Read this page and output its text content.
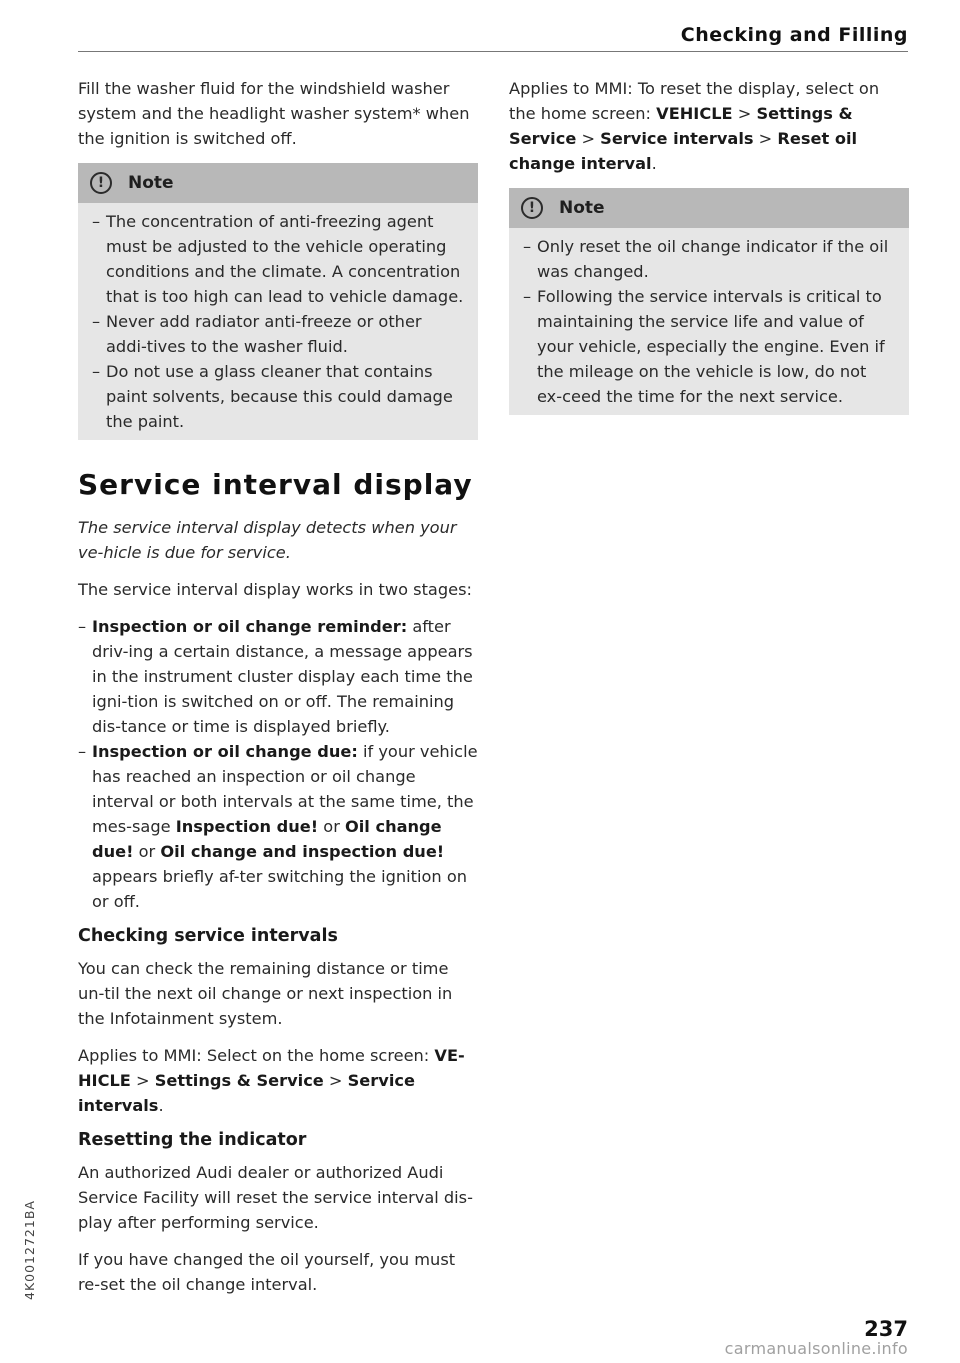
Checking and Filling

Fill the washer fluid for the windshield washer system and the headlight washer system* when the ignition is switched off.

!	Note
– The concentration of anti-freezing agent must be adjusted to the vehicle operating conditions and the climate. A concentration that is too high can lead to vehicle damage.
– Never add radiator anti-freeze or other addi-tives to the washer fluid.
– Do not use a glass cleaner that contains paint solvents, because this could damage the paint.
Service interval display

The service interval display detects when your ve-hicle is due for service.

The service interval display works in two stages:

– Inspection or oil change reminder: after driv-ing a certain distance, a message appears in the instrument cluster display each time the igni-tion is switched on or off. The remaining dis-tance or time is displayed briefly.
– Inspection or oil change due: if your vehicle has reached an inspection or oil change interval or both intervals at the same time, the mes-sage Inspection due! or Oil change due! or Oil change and inspection due! appears briefly af-ter switching the ignition on or off.
Checking service intervals

You can check the remaining distance or time un-til the next oil change or next inspection in the Infotainment system.

Applies to MMI: Select on the home screen: VE-HICLE > Settings & Service > Service intervals.

Resetting the indicator

An authorized Audi dealer or authorized Audi Service Facility will reset the service interval dis-play after performing service.

If you have changed the oil yourself, you must re-set the oil change interval.

Applies to MMI: To reset the display, select on the home screen: VEHICLE > Settings & Service > Service intervals > Reset oil change interval.

!	Note
– Only reset the oil change indicator if the oil was changed.
– Following the service intervals is critical to maintaining the service life and value of your vehicle, especially the engine. Even if the mileage on the vehicle is low, do not ex-ceed the time for the next service.
4K0012721BA
237
carmanualsonline.info
